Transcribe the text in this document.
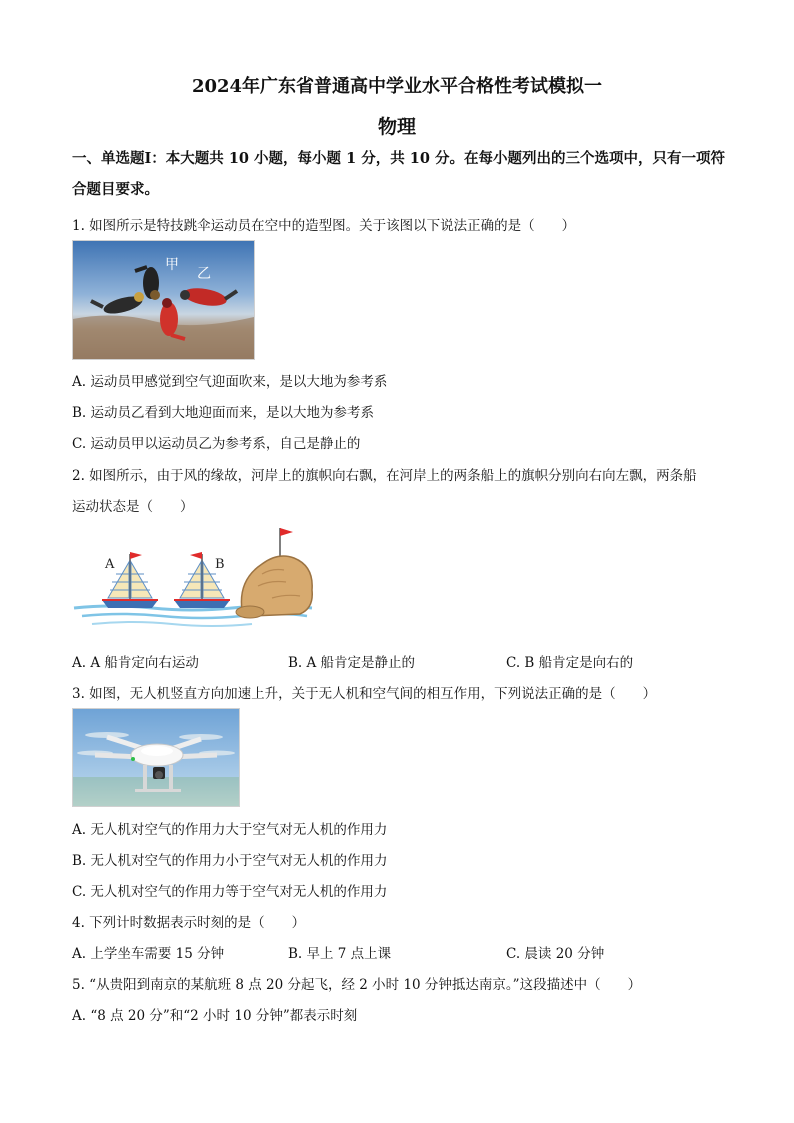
2024年广东省普通高中学业水平合格性考试模拟一
物理
一、单选题Ⅰ：本大题共 10 小题，每小题 1 分，共 10 分。在每小题列出的三个选项中，只有一项符合题目要求。
1. 如图所示是特技跳伞运动员在空中的造型图。关于该图以下说法正确的是（　　）
甲
乙
A. 运动员甲感觉到空气迎面吹来，是以大地为参考系
B. 运动员乙看到大地迎面而来，是以大地为参考系
C. 运动员甲以运动员乙为参考系，自己是静止的
2. 如图所示，由于风的缘故，河岸上的旗帜向右飘，在河岸上的两条船上的旗帜分别向右向左飘，两条船
运动状态是（　　）
A	B
A. A 船肯定向右运动	B. A 船肯定是静止的	C. B 船肯定是向右的
3. 如图，无人机竖直方向加速上升，关于无人机和空气间的相互作用，下列说法正确的是（　　）
A. 无人机对空气的作用力大于空气对无人机的作用力
B. 无人机对空气的作用力小于空气对无人机的作用力
C. 无人机对空气的作用力等于空气对无人机的作用力
4. 下列计时数据表示时刻的是（　　）
A. 上学坐车需要 15 分钟	B. 早上 7 点上课	C. 晨读 20 分钟
5. “从贵阳到南京的某航班 8 点 20 分起飞，经 2 小时 10 分钟抵达南京。”这段描述中（　　）
A. “8 点 20 分”和“2 小时 10 分钟”都表示时刻
